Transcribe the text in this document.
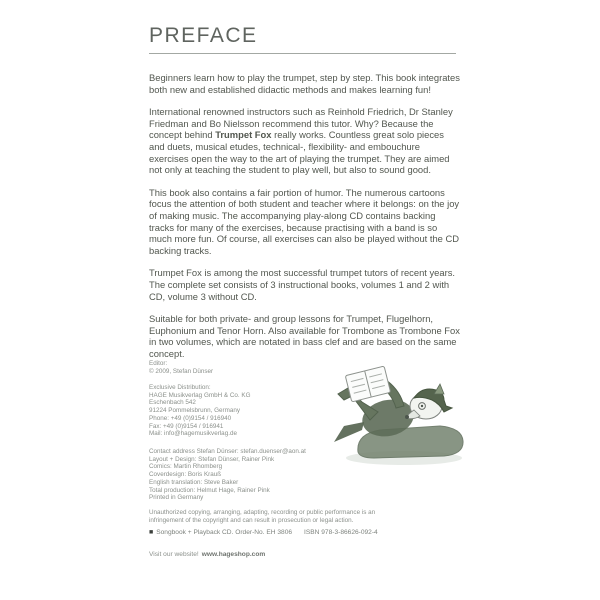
PREFACE

Beginners learn how to play the trumpet, step by step. This book integrates both new and established didactic methods and makes learning fun!

International renowned instructors such as Reinhold Friedrich, Dr Stanley Friedman and Bo Nielsson recommend this tutor. Why? Because the concept behind Trumpet Fox really works. Countless great solo pieces and duets, musical etudes, technical-, flexibility- and embouchure exercises open the way to the art of playing the trumpet. They are aimed not only at teaching the student to play well, but also to sound good.

This book also contains a fair portion of humor. The numerous cartoons focus the attention of both student and teacher where it belongs: on the joy of making music. The accompanying play-along CD contains backing tracks for many of the exercises, because practising with a band is so much more fun. Of course, all exercises can also be played without the CD backing tracks.

Trumpet Fox is among the most successful trumpet tutors of recent years. The complete set consists of 3 instructional books, volumes 1 and 2 with CD, volume 3 without CD.

Suitable for both private- and group lessons for Trumpet, Flugelhorn, Euphonium and Tenor Horn. Also available for Trombone as Trombone Fox in two volumes, which are notated in bass clef and are based on the same concept.

Editor:
© 2009, Stefan Dünser
Exclusive Distribution:
HAGE Musikverlag GmbH & Co. KG
Eschenbach 542
91224 Pommelsbrunn, Germany
Phone: +49 (0)9154 / 916940
Fax: +49 (0)9154 / 916941
Mail: info@hagemusikverlag.de
Contact address Stefan Dünser: stefan.duenser@aon.at
Layout + Design: Stefan Dünser, Rainer Pink
Comics: Martin Rhomberg
Coverdesign: Boris Krauß
English translation: Steve Baker
Total production: Helmut Hage, Rainer Pink
Printed in Germany
Unauthorized copying, arranging, adapting, recording or public performance is an
infringement of the copyright and can result in prosecution or legal action.
■ Songbook + Playback CD. Order-No. EH 3806 ISBN 978-3-86626-092-4
Visit our website! www.hageshop.com
